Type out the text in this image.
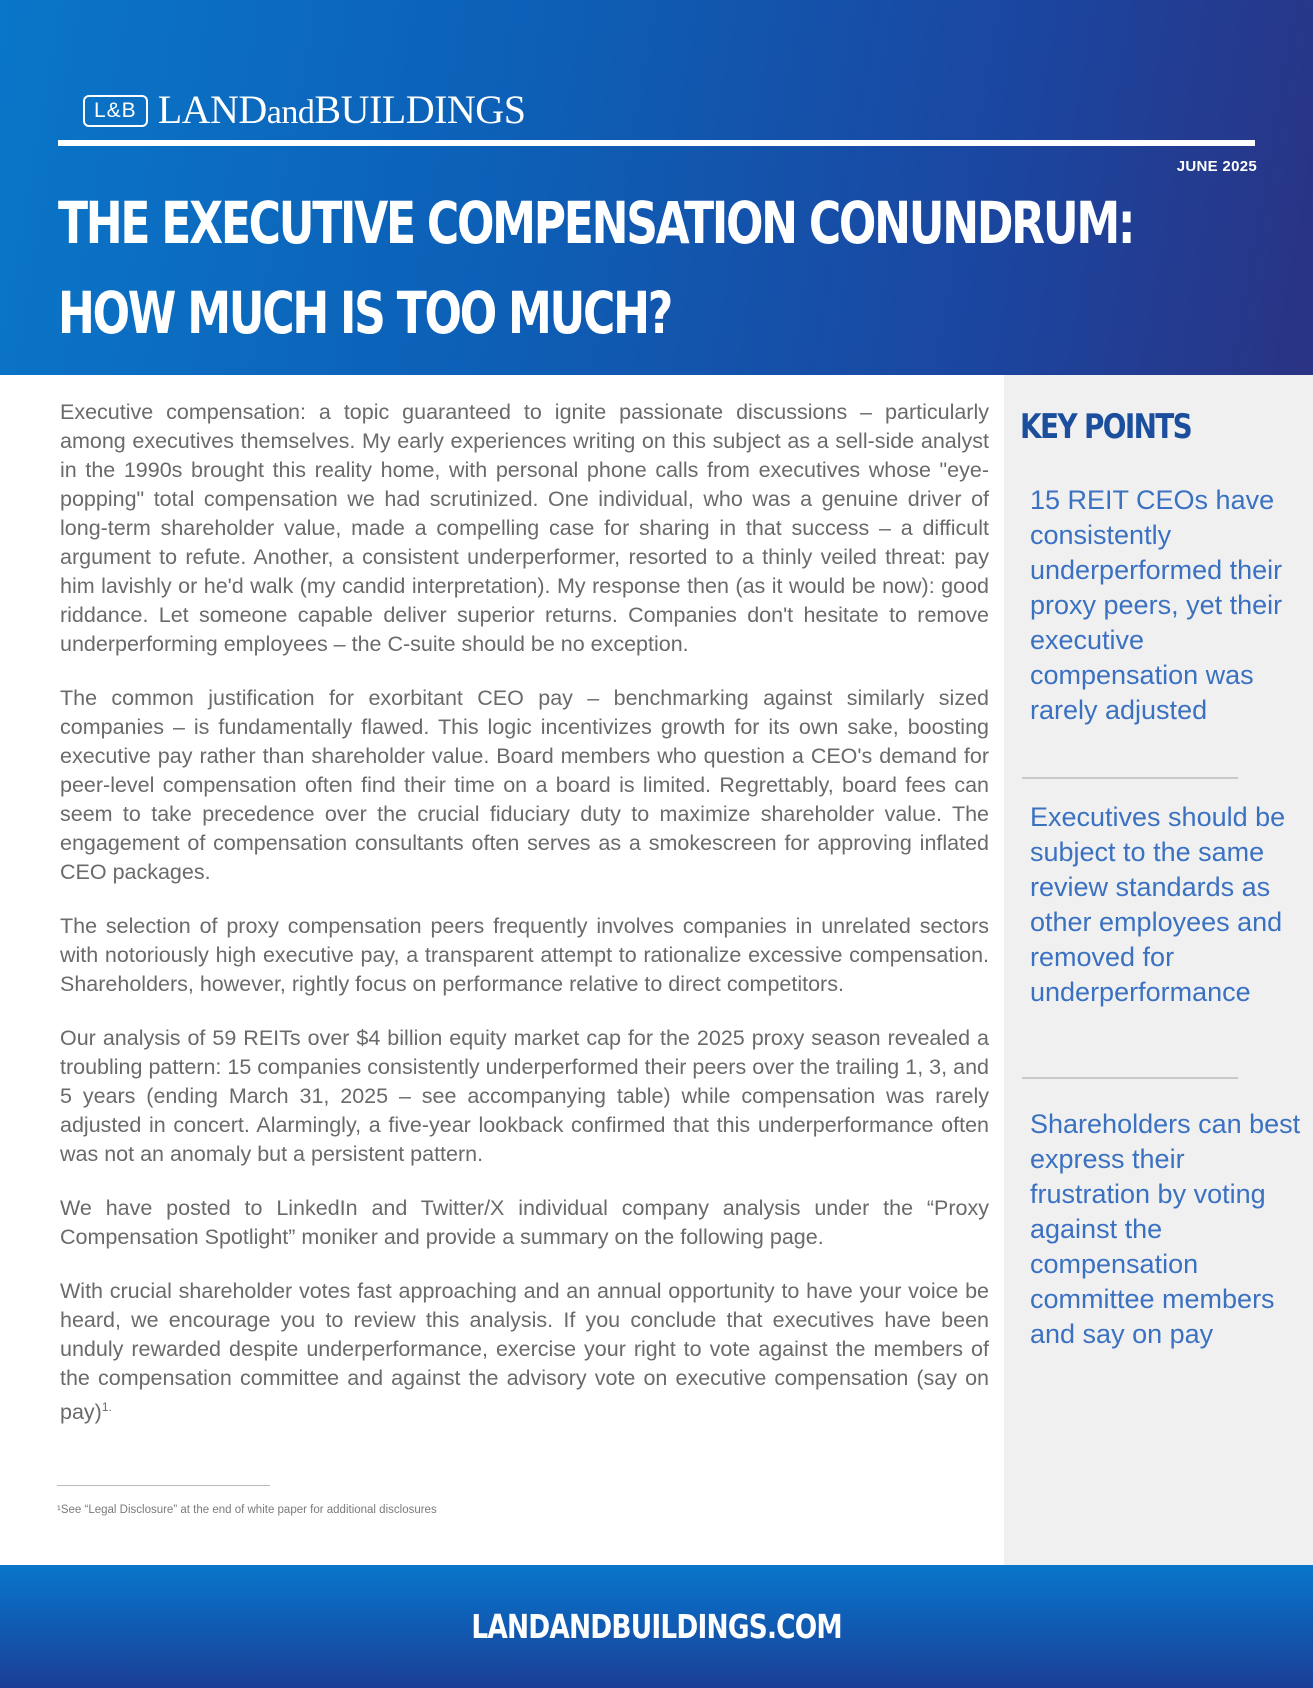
L&B LANDandBUILDINGS
JUNE 2025
THE EXECUTIVE COMPENSATION CONUNDRUM:
HOW MUCH IS TOO MUCH?

Executive compensation: a topic guaranteed to ignite passionate discussions – particularly among executives themselves. My early experiences writing on this subject as a sell-side analyst in the 1990s brought this reality home, with personal phone calls from executives whose "eye-popping" total compensation we had scrutinized. One individual, who was a genuine driver of long-term shareholder value, made a compelling case for sharing in that success – a difficult argument to refute. Another, a consistent underperformer, resorted to a thinly veiled threat: pay him lavishly or he'd walk (my candid interpretation). My response then (as it would be now): good riddance. Let someone capable deliver superior returns. Companies don't hesitate to remove underperforming employees – the C-suite should be no exception.

The common justification for exorbitant CEO pay – benchmarking against similarly sized companies – is fundamentally flawed. This logic incentivizes growth for its own sake, boosting executive pay rather than shareholder value. Board members who question a CEO's demand for peer-level compensation often find their time on a board is limited. Regrettably, board fees can seem to take precedence over the crucial fiduciary duty to maximize shareholder value. The engagement of compensation consultants often serves as a smokescreen for approving inflated CEO packages.

The selection of proxy compensation peers frequently involves companies in unrelated sectors with notoriously high executive pay, a transparent attempt to rationalize excessive compensation. Shareholders, however, rightly focus on performance relative to direct competitors.

Our analysis of 59 REITs over $4 billion equity market cap for the 2025 proxy season revealed a troubling pattern: 15 companies consistently underperformed their peers over the trailing 1, 3, and 5 years (ending March 31, 2025 – see accompanying table) while compensation was rarely adjusted in concert. Alarmingly, a five-year lookback confirmed that this underperformance often was not an anomaly but a persistent pattern.

We have posted to LinkedIn and Twitter/X individual company analysis under the “Proxy Compensation Spotlight” moniker and provide a summary on the following page.

With crucial shareholder votes fast approaching and an annual opportunity to have your voice be heard, we encourage you to review this analysis. If you conclude that executives have been unduly rewarded despite underperformance, exercise your right to vote against the members of the compensation committee and against the advisory vote on executive compensation (say on pay)$^{1.}$

¹See “Legal Disclosure” at the end of white paper for additional disclosures
KEY POINTS
15 REIT CEOs have consistently underperformed their proxy peers, yet their executive compensation was rarely adjusted
Executives should be subject to the same review standards as other employees and removed for underperformance
Shareholders can best express their frustration by voting against the compensation committee members and say on pay
LANDANDBUILDINGS.COM
